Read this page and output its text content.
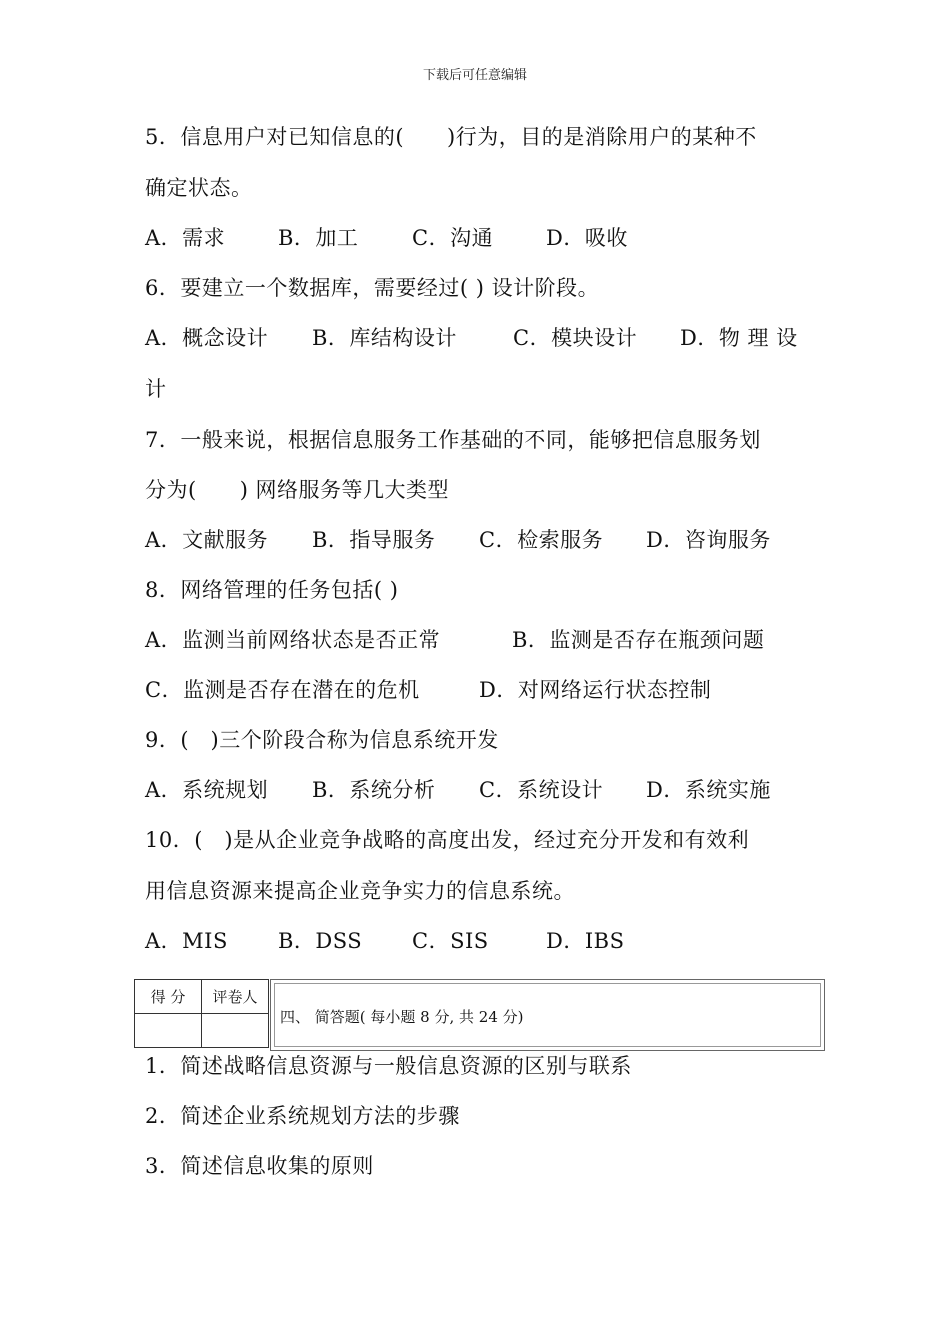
下载后可任意编辑
5．信息用户对已知信息的(　　)行为，目的是消除用户的某种不
确定状态。
A．需求	B．加工	C．沟通	D．吸收
6．要建立一个数据库，需要经过( ) 设计阶段。
A．概念设计	B．库结构设计	C．模块设计	D．物 理 设
计
7．一般来说，根据信息服务工作基础的不同，能够把信息服务划
分为(　　) 网络服务等几大类型
A．文献服务	B．指导服务	C．检索服务	D．咨询服务
8．网络管理的任务包括( )
A．监测当前网络状态是否正常	B．监测是否存在瓶颈问题
C．监测是否存在潜在的危机	D．对网络运行状态控制
9．(　)三个阶段合称为信息系统开发
A．系统规划	B．系统分析	C．系统设计	D．系统实施
10．(　)是从企业竞争战略的高度出发，经过充分开发和有效利
用信息资源来提高企业竞争实力的信息系统。
A．MIS	B．DSS	C．SIS	D．IBS
得 分	评卷人

四、 简答题( 每小题 8 分, 共 24 分)
1．简述战略信息资源与一般信息资源的区别与联系
2．简述企业系统规划方法的步骤
3．简述信息收集的原则
